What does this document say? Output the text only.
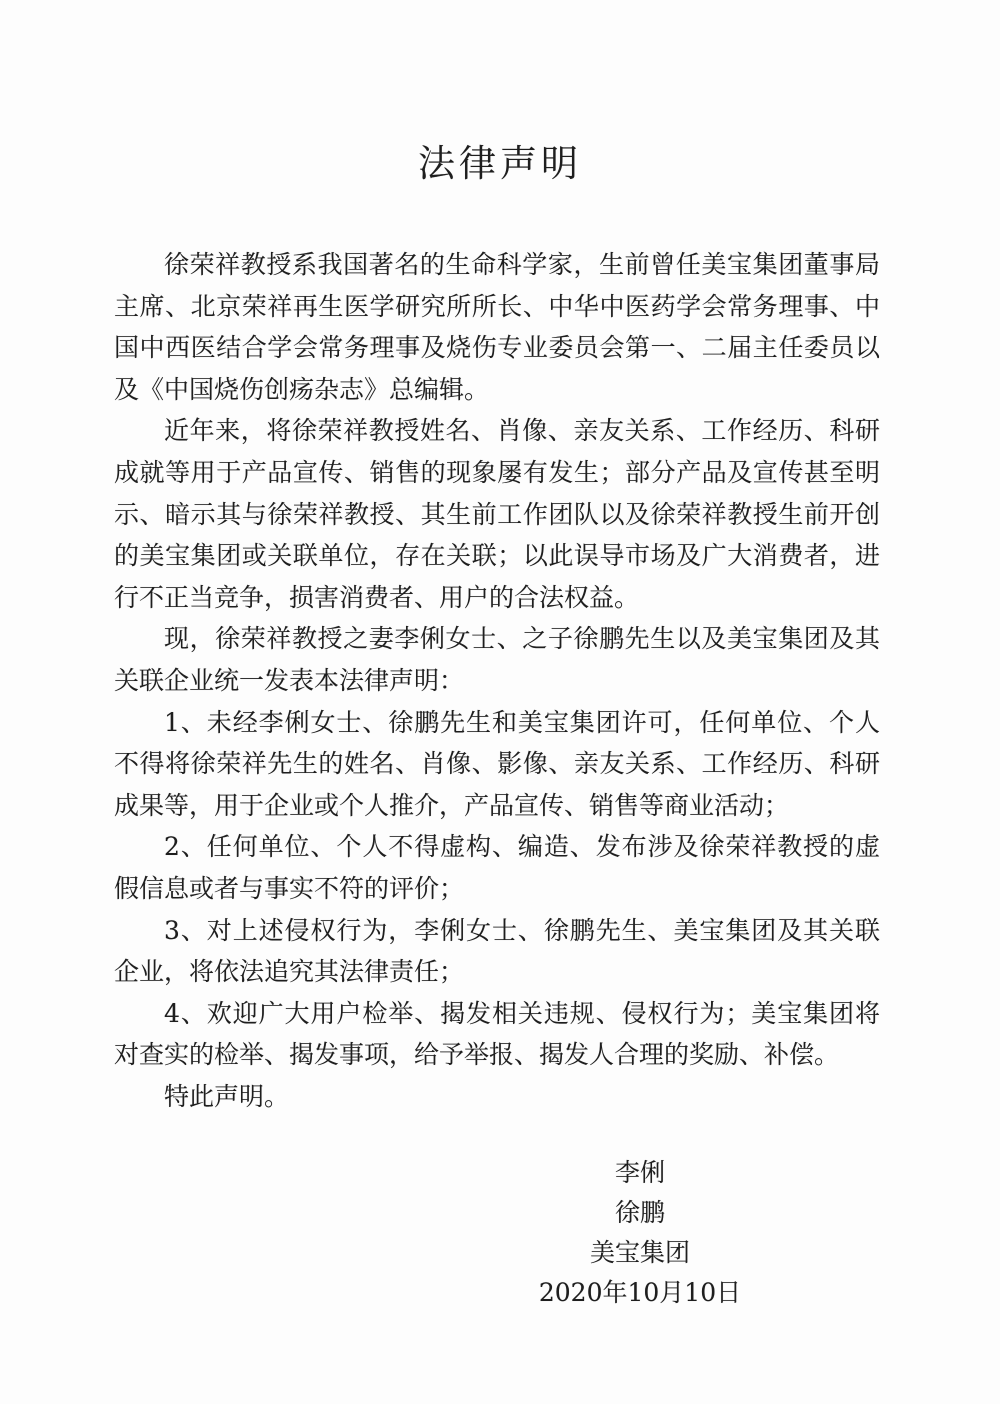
法律声明
徐荣祥教授系我国著名的生命科学家，生前曾任美宝集团董事局
主席、北京荣祥再生医学研究所所长、中华中医药学会常务理事、中
国中西医结合学会常务理事及烧伤专业委员会第一、二届主任委员以
及《中国烧伤创疡杂志》总编辑。
近年来，将徐荣祥教授姓名、肖像、亲友关系、工作经历、科研
成就等用于产品宣传、销售的现象屡有发生；部分产品及宣传甚至明
示、暗示其与徐荣祥教授、其生前工作团队以及徐荣祥教授生前开创
的美宝集团或关联单位，存在关联；以此误导市场及广大消费者，进
行不正当竞争，损害消费者、用户的合法权益。
现，徐荣祥教授之妻李俐女士、之子徐鹏先生以及美宝集团及其
关联企业统一发表本法律声明：
1、未经李俐女士、徐鹏先生和美宝集团许可，任何单位、个人
不得将徐荣祥先生的姓名、肖像、影像、亲友关系、工作经历、科研
成果等，用于企业或个人推介，产品宣传、销售等商业活动；
2、任何单位、个人不得虚构、编造、发布涉及徐荣祥教授的虚
假信息或者与事实不符的评价；
3、对上述侵权行为，李俐女士、徐鹏先生、美宝集团及其关联
企业，将依法追究其法律责任；
4、欢迎广大用户检举、揭发相关违规、侵权行为；美宝集团将
对查实的检举、揭发事项，给予举报、揭发人合理的奖励、补偿。
特此声明。
李俐
徐鹏
美宝集团
2020年10月10日
